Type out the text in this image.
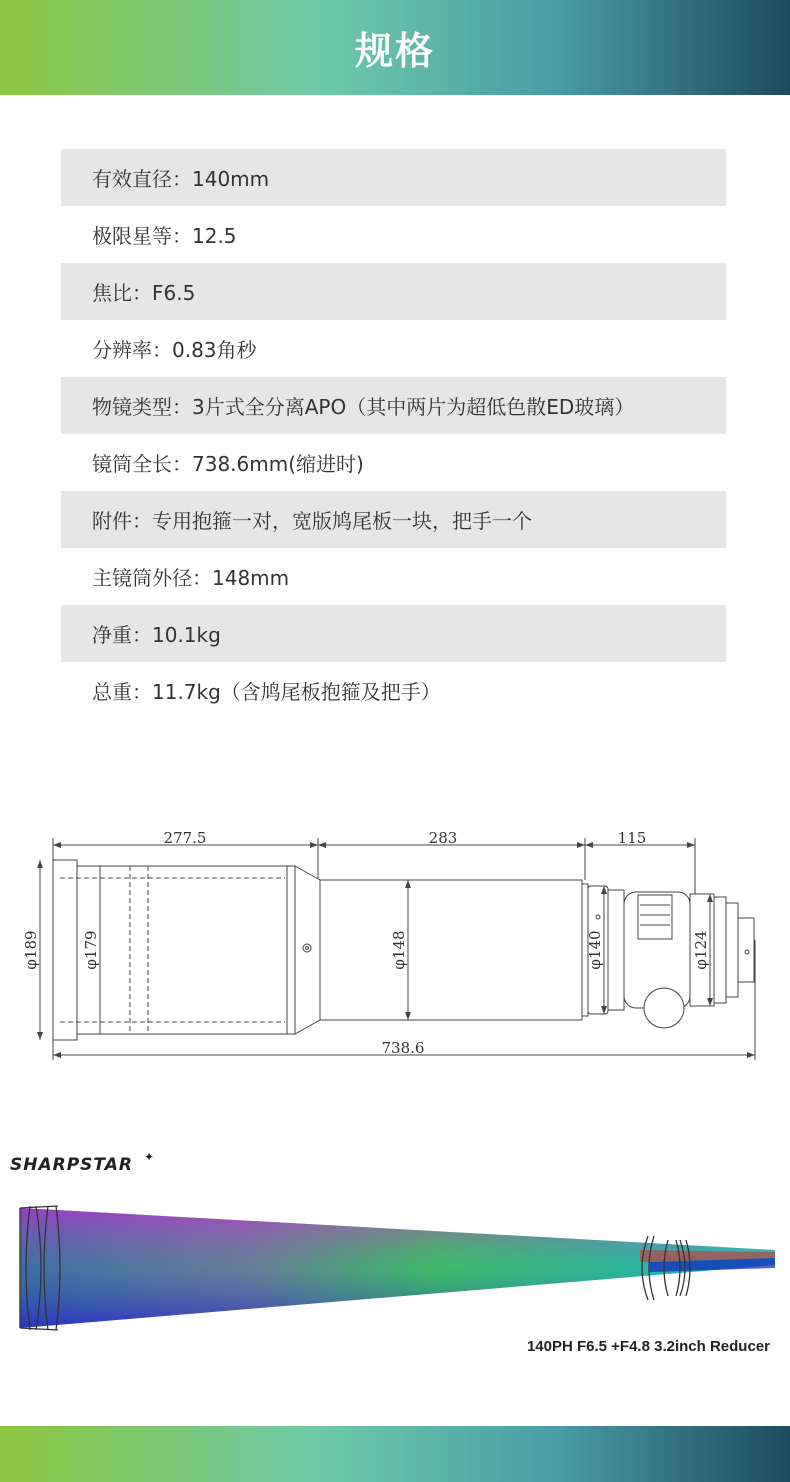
规格
有效直径：140mm
极限星等：12.5
焦比：F6.5
分辨率：0.83角秒
物镜类型：3片式全分离APO（其中两片为超低色散ED玻璃）
镜筒全长：738.6mm(缩进时)
附件：专用抱箍一对，宽版鸠尾板一块，把手一个
主镜筒外径：148mm
净重：10.1kg
总重：11.7kg（含鸠尾板抱箍及把手）
277.5	283	115
738.6
φ189	φ179	φ148	φ140	φ124
SHARPSTAR ✦
140PH F6.5 +F4.8 3.2inch Reducer
